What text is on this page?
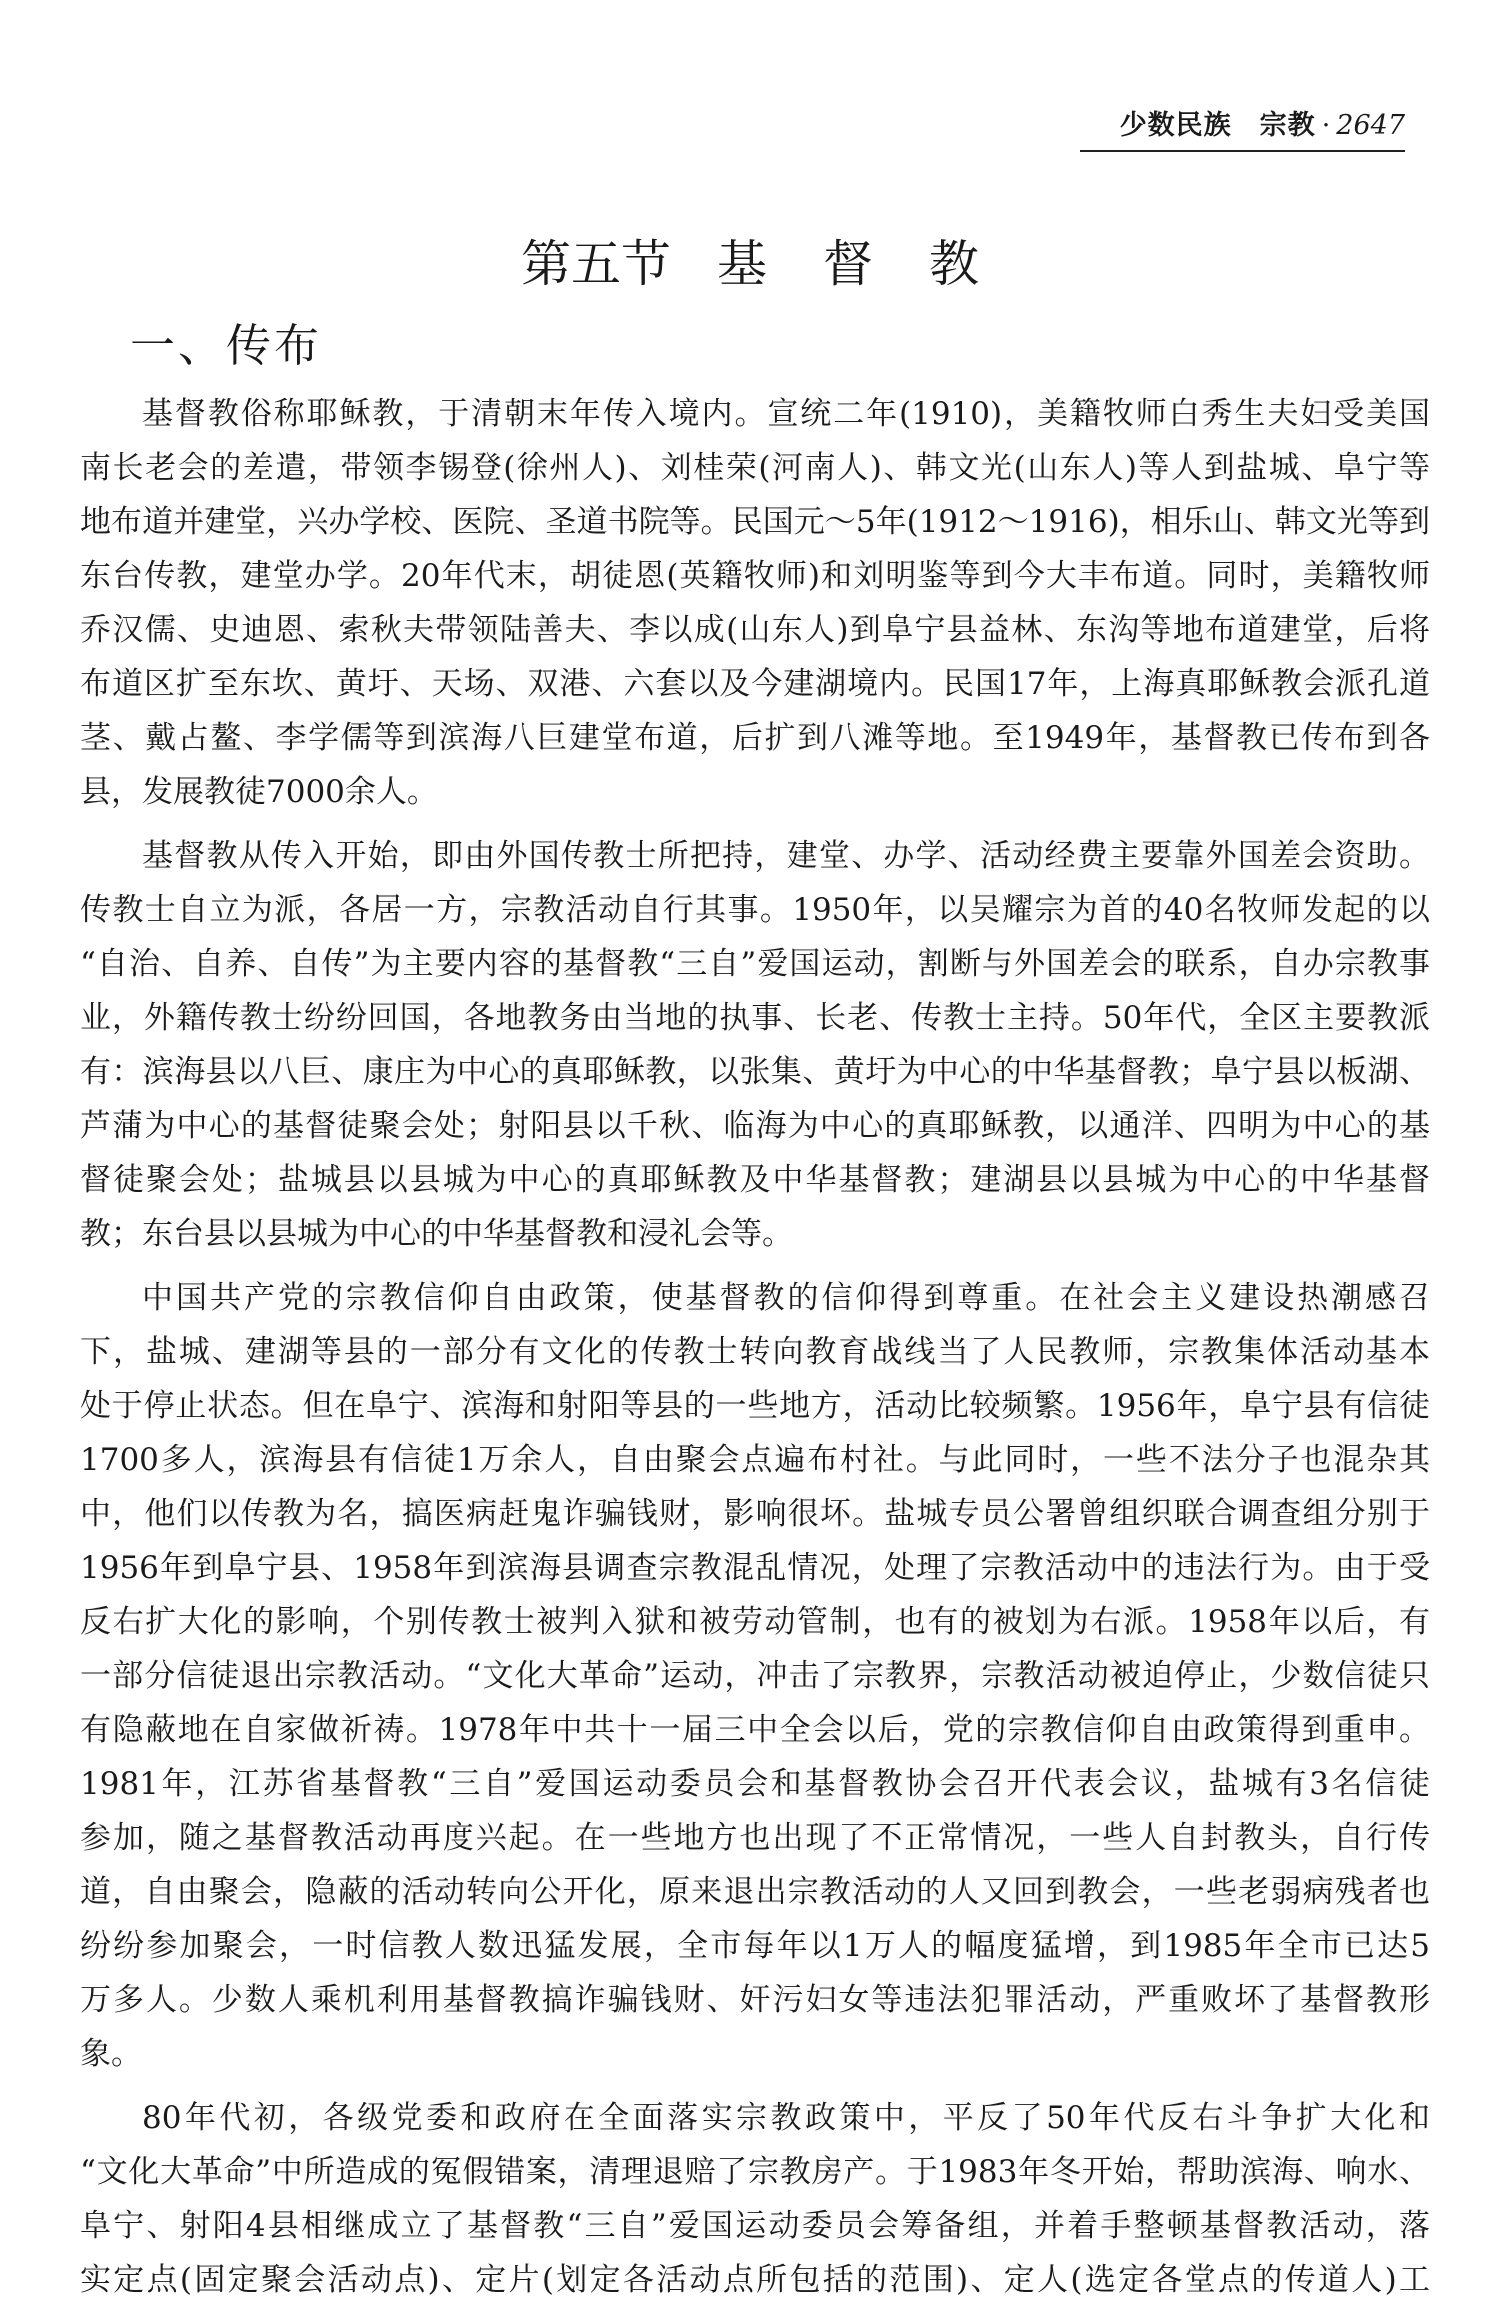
少数民族　宗教 · 2647
第五节 基督教
一、传布
基督教俗称耶稣教，于清朝末年传入境内。宣统二年(1910)，美籍牧师白秀生夫妇受美国
南长老会的差遣，带领李锡登(徐州人)、刘桂荣(河南人)、韩文光(山东人)等人到盐城、阜宁等
地布道并建堂，兴办学校、医院、圣道书院等。民国元～5年(1912～1916)，相乐山、韩文光等到
东台传教，建堂办学。20年代末，胡徒恩(英籍牧师)和刘明鉴等到今大丰布道。同时，美籍牧师
乔汉儒、史迪恩、索秋夫带领陆善夫、李以成(山东人)到阜宁县益林、东沟等地布道建堂，后将
布道区扩至东坎、黄圩、天场、双港、六套以及今建湖境内。民国17年，上海真耶稣教会派孔道
茎、戴占鳌、李学儒等到滨海八巨建堂布道，后扩到八滩等地。至1949年，基督教已传布到各
县，发展教徒7000余人。
基督教从传入开始，即由外国传教士所把持，建堂、办学、活动经费主要靠外国差会资助。
传教士自立为派，各居一方，宗教活动自行其事。1950年，以吴耀宗为首的40名牧师发起的以
“自治、自养、自传”为主要内容的基督教“三自”爱国运动，割断与外国差会的联系，自办宗教事
业，外籍传教士纷纷回国，各地教务由当地的执事、长老、传教士主持。50年代，全区主要教派
有：滨海县以八巨、康庄为中心的真耶稣教，以张集、黄圩为中心的中华基督教；阜宁县以板湖、
芦蒲为中心的基督徒聚会处；射阳县以千秋、临海为中心的真耶稣教，以通洋、四明为中心的基
督徒聚会处；盐城县以县城为中心的真耶稣教及中华基督教；建湖县以县城为中心的中华基督
教；东台县以县城为中心的中华基督教和浸礼会等。
中国共产党的宗教信仰自由政策，使基督教的信仰得到尊重。在社会主义建设热潮感召
下，盐城、建湖等县的一部分有文化的传教士转向教育战线当了人民教师，宗教集体活动基本
处于停止状态。但在阜宁、滨海和射阳等县的一些地方，活动比较频繁。1956年，阜宁县有信徒
1700多人，滨海县有信徒1万余人，自由聚会点遍布村社。与此同时，一些不法分子也混杂其
中，他们以传教为名，搞医病赶鬼诈骗钱财，影响很坏。盐城专员公署曾组织联合调查组分别于
1956年到阜宁县、1958年到滨海县调查宗教混乱情况，处理了宗教活动中的违法行为。由于受
反右扩大化的影响，个别传教士被判入狱和被劳动管制，也有的被划为右派。1958年以后，有
一部分信徒退出宗教活动。“文化大革命”运动，冲击了宗教界，宗教活动被迫停止，少数信徒只
有隐蔽地在自家做祈祷。1978年中共十一届三中全会以后，党的宗教信仰自由政策得到重申。
1981年，江苏省基督教“三自”爱国运动委员会和基督教协会召开代表会议，盐城有3名信徒
参加，随之基督教活动再度兴起。在一些地方也出现了不正常情况，一些人自封教头，自行传
道，自由聚会，隐蔽的活动转向公开化，原来退出宗教活动的人又回到教会，一些老弱病残者也
纷纷参加聚会，一时信教人数迅猛发展，全市每年以1万人的幅度猛增，到1985年全市已达5
万多人。少数人乘机利用基督教搞诈骗钱财、奸污妇女等违法犯罪活动，严重败坏了基督教形
象。
80年代初，各级党委和政府在全面落实宗教政策中，平反了50年代反右斗争扩大化和
“文化大革命”中所造成的冤假错案，清理退赔了宗教房产。于1983年冬开始，帮助滨海、响水、
阜宁、射阳4县相继成立了基督教“三自”爱国运动委员会筹备组，并着手整顿基督教活动，落
实定点(固定聚会活动点)、定片(划定各活动点所包括的范围)、定人(选定各堂点的传道人)工
